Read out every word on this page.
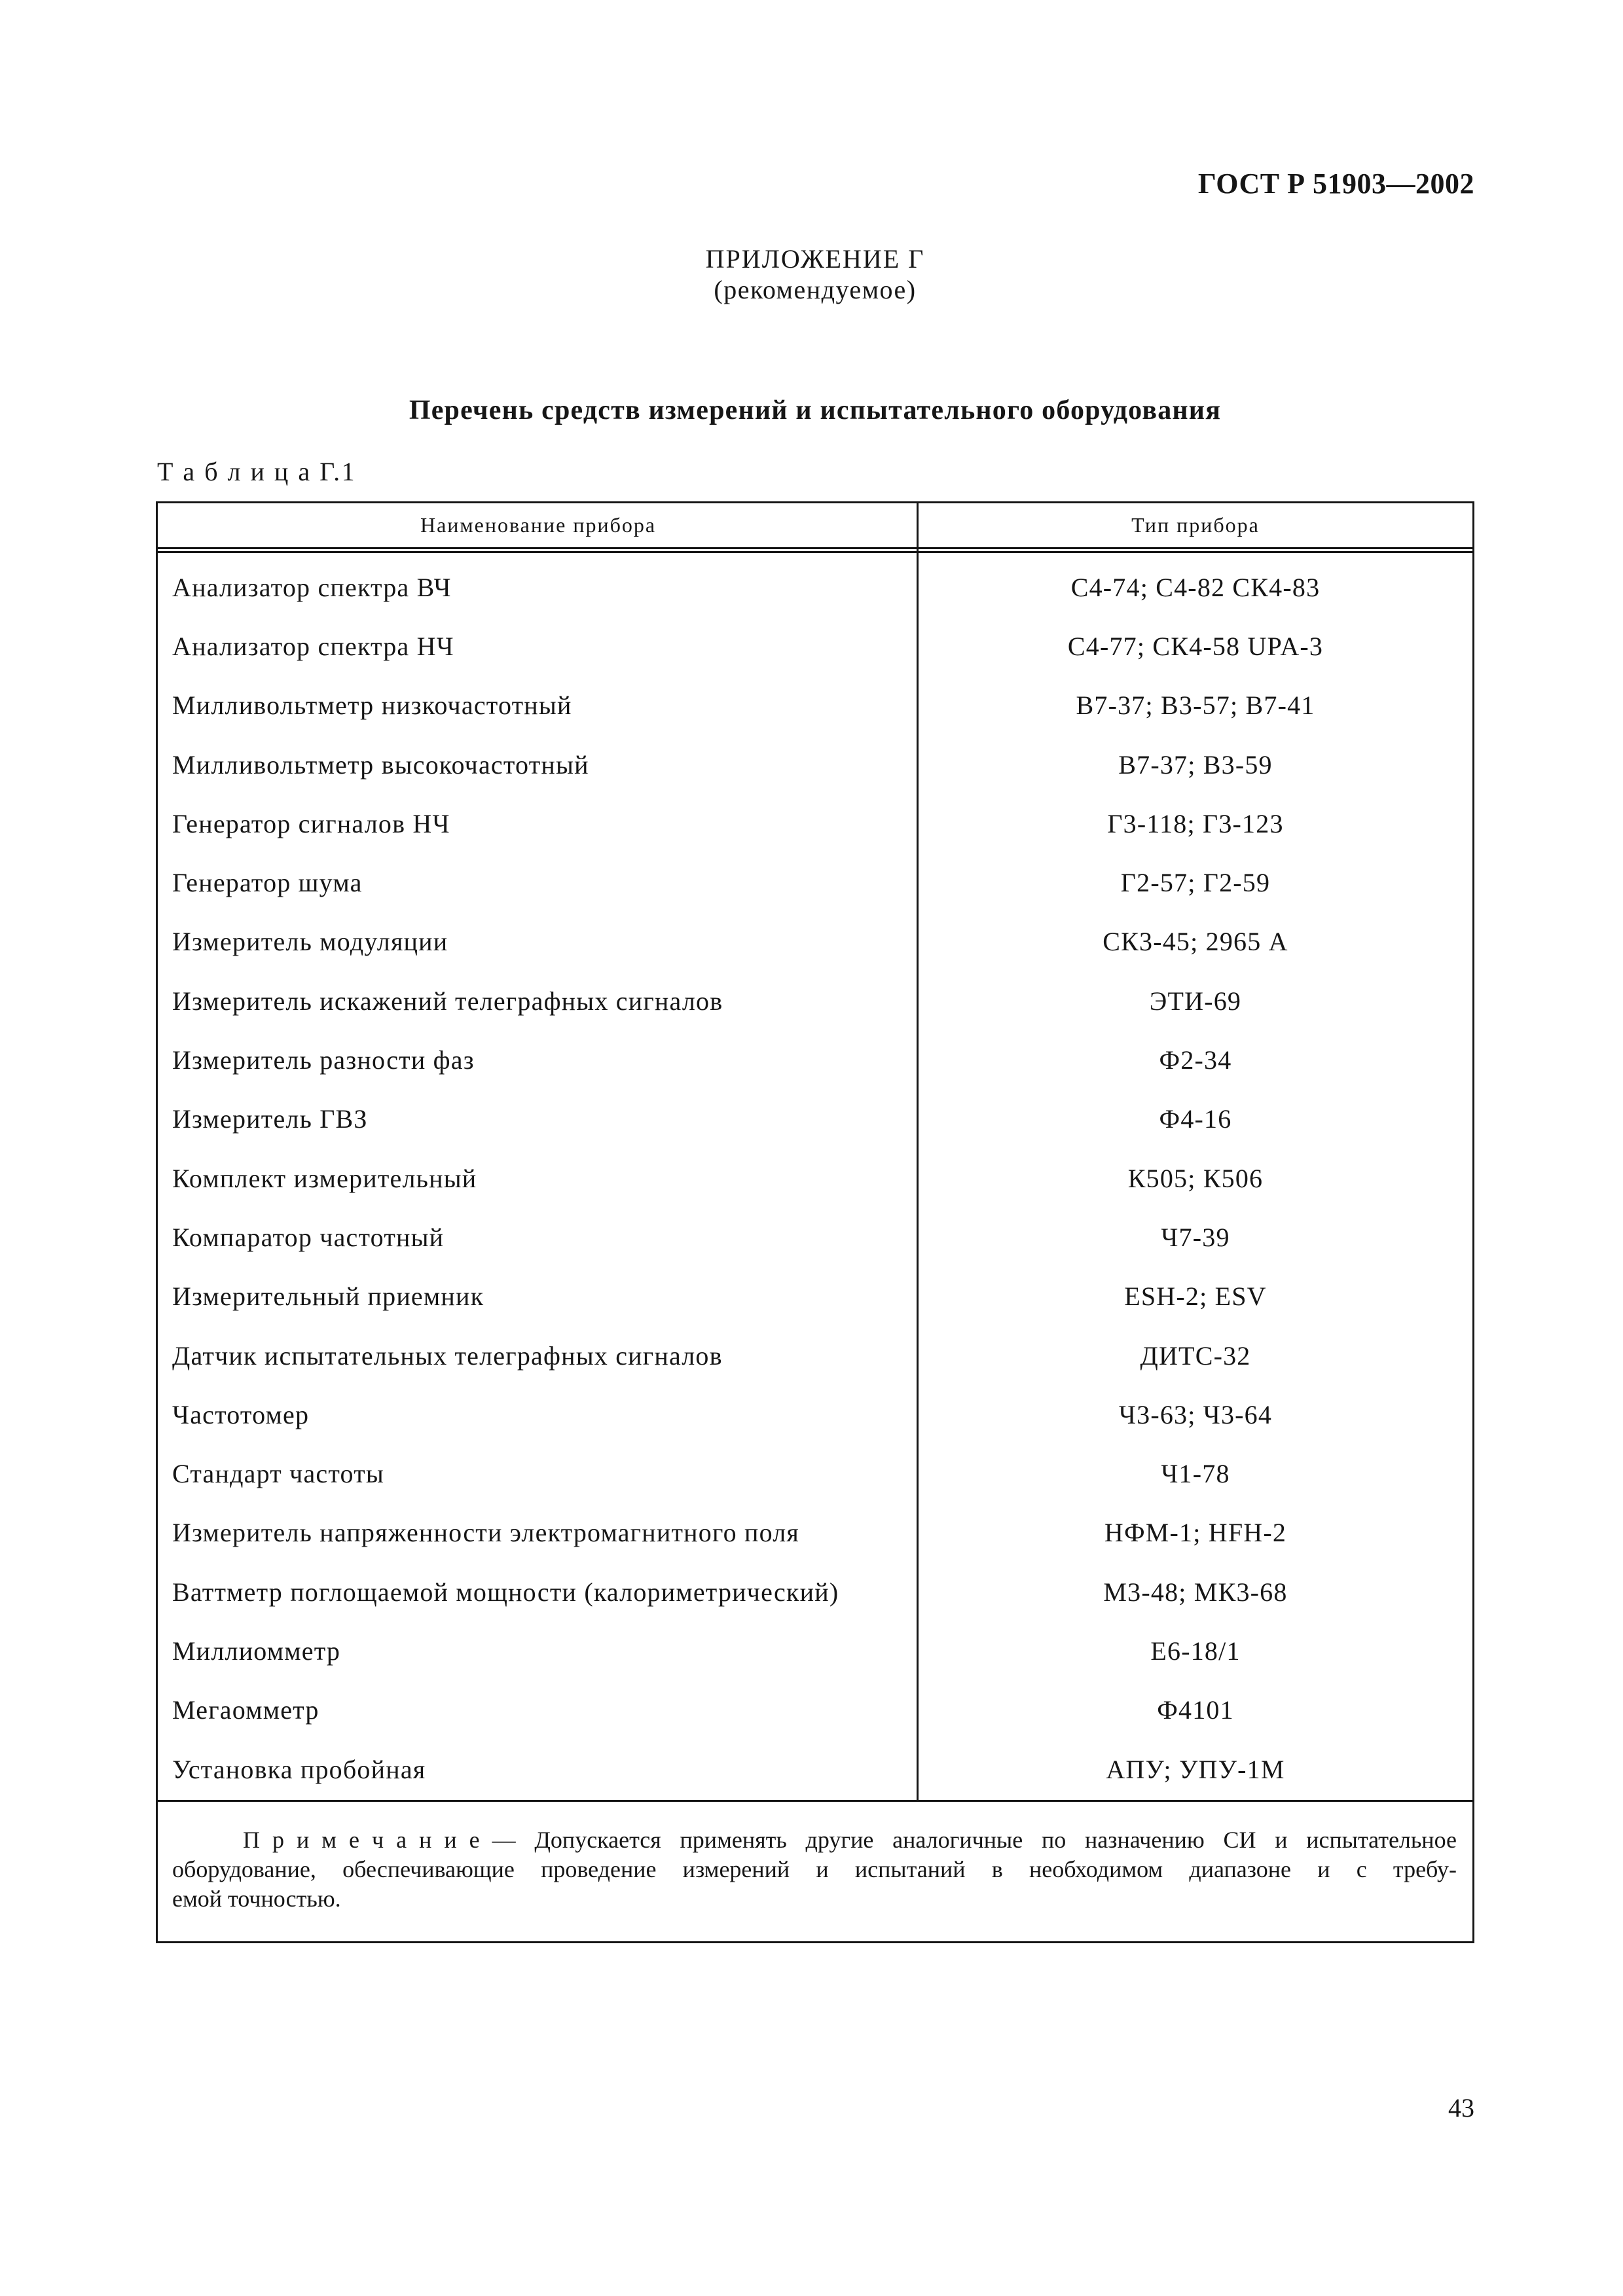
ГОСТ Р 51903—2002
ПРИЛОЖЕНИЕ Г
(рекомендуемое)
Перечень средств измерений и испытательного оборудования
Т а б л и ц а Г.1
Наименование прибора	Тип прибора
Анализатор спектра ВЧ	С4-74; С4-82 СК4-83
Анализатор спектра НЧ	С4-77; СК4-58 UPA-3
Милливольтметр низкочастотный	В7-37; В3-57; В7-41
Милливольтметр высокочастотный	В7-37; В3-59
Генератор сигналов НЧ	Г3-118; Г3-123
Генератор шума	Г2-57; Г2-59
Измеритель модуляции	СК3-45; 2965 А
Измеритель искажений телеграфных сигналов	ЭТИ-69
Измеритель разности фаз	Ф2-34
Измеритель ГВЗ	Ф4-16
Комплект измерительный	К505; К506
Компаратор частотный	Ч7-39
Измерительный приемник	ESH-2; ESV
Датчик испытательных телеграфных сигналов	ДИТС-32
Частотомер	Ч3-63; Ч3-64
Стандарт частоты	Ч1-78
Измеритель напряженности электромагнитного поля	НФМ-1; HFH-2
Ваттметр поглощаемой мощности (калориметрический)	М3-48; МК3-68
Миллиомметр	Е6-18/1
Мегаомметр	Ф4101
Установка пробойная	АПУ; УПУ-1М
П р и м е ч а н и е — Допускается применять другие аналогичные по назначению СИ и испытательное
оборудование, обеспечивающие проведение измерений и испытаний в необходимом диапазоне и с требу-
емой точностью.
43
